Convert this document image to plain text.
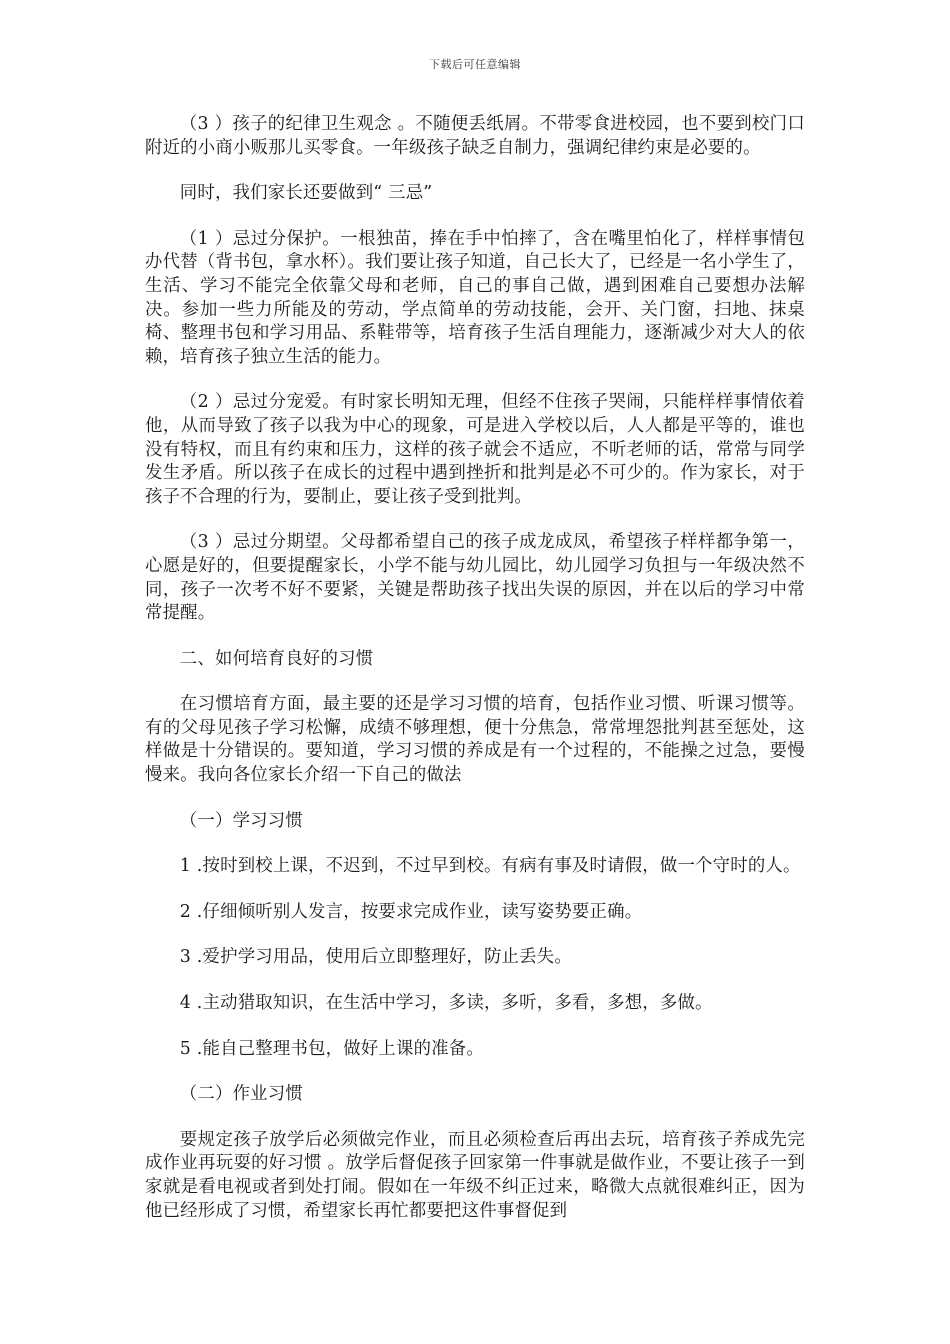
下载后可任意编辑

（3 ）孩子的纪律卫生观念 。不随便丢纸屑。不带零食进校园，也不要到校门口附近的小商小贩那儿买零食。一年级孩子缺乏自制力，强调纪律约束是必要的。

同时，我们家长还要做到“ 三忌”

（1 ）忌过分保护。一根独苗，捧在手中怕摔了，含在嘴里怕化了，样样事情包办代替（背书包，拿水杯）。我们要让孩子知道，自己长大了，已经是一名小学生了，生活、学习不能完全依靠父母和老师，自己的事自己做，遇到困难自己要想办法解决。参加一些力所能及的劳动，学点简单的劳动技能，会开、关门窗，扫地、抹桌椅、整理书包和学习用品、系鞋带等，培育孩子生活自理能力，逐渐减少对大人的依赖，培育孩子独立生活的能力。

（2 ）忌过分宠爱。有时家长明知无理，但经不住孩子哭闹，只能样样事情依着他，从而导致了孩子以我为中心的现象，可是进入学校以后，人人都是平等的，谁也没有特权，而且有约束和压力，这样的孩子就会不适应，不听老师的话，常常与同学发生矛盾。所以孩子在成长的过程中遇到挫折和批判是必不可少的。作为家长，对于孩子不合理的行为，要制止，要让孩子受到批判。

（3 ）忌过分期望。父母都希望自己的孩子成龙成凤，希望孩子样样都争第一，心愿是好的，但要提醒家长，小学不能与幼儿园比，幼儿园学习负担与一年级决然不同，孩子一次考不好不要紧，关键是帮助孩子找出失误的原因，并在以后的学习中常常提醒。

二、如何培育良好的习惯

在习惯培育方面，最主要的还是学习习惯的培育，包括作业习惯、听课习惯等。有的父母见孩子学习松懈，成绩不够理想，便十分焦急，常常埋怨批判甚至惩处，这样做是十分错误的。要知道，学习习惯的养成是有一个过程的，不能操之过急，要慢慢来。我向各位家长介绍一下自己的做法

（一）学习习惯

1 .按时到校上课，不迟到，不过早到校。有病有事及时请假，做一个守时的人。

2 .仔细倾听别人发言，按要求完成作业，读写姿势要正确。

3 .爱护学习用品，使用后立即整理好，防止丢失。

4 .主动猎取知识，在生活中学习，多读，多听，多看，多想，多做。

5 .能自己整理书包，做好上课的准备。

（二）作业习惯

要规定孩子放学后必须做完作业，而且必须检查后再出去玩，培育孩子养成先完成作业再玩耍的好习惯 。放学后督促孩子回家第一件事就是做作业，不要让孩子一到家就是看电视或者到处打闹。假如在一年级不纠正过来，略微大点就很难纠正，因为他已经形成了习惯，希望家长再忙都要把这件事督促到
